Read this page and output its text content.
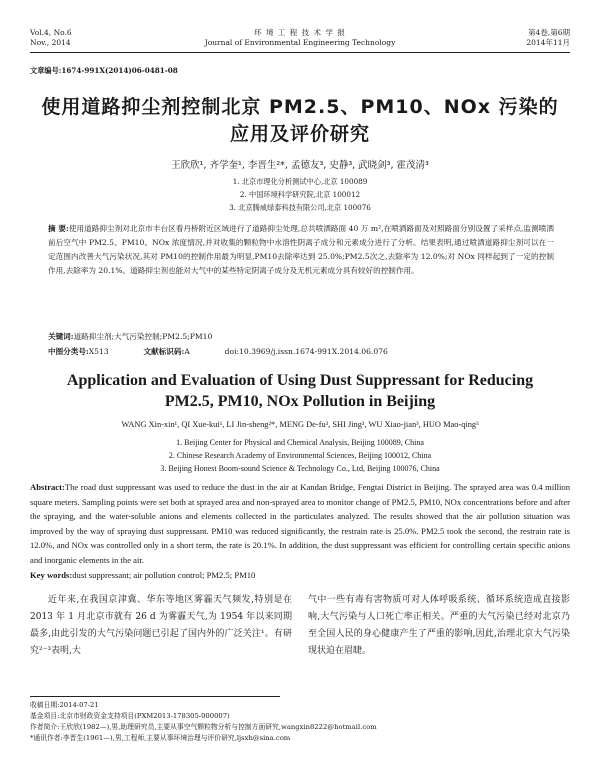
Vol.4, No.6
Nov., 2014
环 境 工 程 技 术 学 报
Journal of Environmental Engineering Technology
第4卷,第6期
2014年11月
文章编号:1674-991X(2014)06-0481-08
使用道路抑尘剂控制北京 PM2.5、PM10、NOx 污染的
应用及评价研究
王欣欣¹, 齐学奎¹, 李晋生²*, 孟德友³, 史静³, 武晓剑³, 霍茂清³
1. 北京市理化分析测试中心,北京 100089
2. 中国环境科学研究院,北京 100012
3. 北京腾威绿泰科技有限公司,北京 100076
摘 要:使用道路抑尘剂对北京市丰台区看丹桥附近区域进行了道路抑尘处理,总共喷洒路面 40 万 m²,在喷洒路面及对照路面分别设置了采样点,监测喷洒前后空气中 PM2.5、PM10、NOx 浓度情况,并对收集的颗粒物中水溶性阴离子成分和元素成分进行了分析。结果表明,通过喷洒道路抑尘剂可以在一定范围内改善大气污染状况,其对 PM10的控制作用最为明显,PM10去除率达到 25.0%;PM2.5次之,去除率为 12.0%;对 NOx 同样起到了一定的控制作用,去除率为 20.1%。道路抑尘剂也能对大气中的某些特定阴离子成分及无机元素成分具有较好的控制作用。
关键词:道路抑尘剂;大气污染控制;PM2.5;PM10
中图分类号:X513	文献标识码:A	doi:10.3969/j.issn.1674-991X.2014.06.076
Application and Evaluation of Using Dust Suppressant for Reducing
PM2.5, PM10, NOx Pollution in Beijing
WANG Xin-xin¹, QI Xue-kui¹, LI Jin-sheng²*, MENG De-fu³, SHI Jing³, WU Xiao-jian³, HUO Mao-qing³
1. Beijing Center for Physical and Chemical Analysis, Beijing 100089, China
2. Chinese Research Academy of Environmental Sciences, Beijing 100012, China
3. Beijing Honest Boom-sound Science & Technology Co., Ltd, Beijing 100076, China
Abstract:The road dust suppressant was used to reduce the dust in the air at Kandan Bridge, Fengtai District in Beijing. The sprayed area was 0.4 million square meters. Sampling points were set both at sprayed area and non-sprayed area to monitor change of PM2.5, PM10, NOx concentrations before and after the spraying, and the water-soluble anions and elements collected in the particulates analyzed. The results showed that the air pollution situation was improved by the way of spraying dust suppressant. PM10 was reduced significantly, the restrain rate is 25.0%. PM2.5 took the second, the restrain rate is 12.0%, and NOx was controlled only in a short term, the rate is 20.1%. In addition, the dust suppressant was efficient for controlling certain specific anions and inorganic elements in the air.
Key words:dust suppressant; air pollution control; PM2.5; PM10
近年来,在我国京津冀、华东等地区雾霾天气频发,特别是在 2013 年 1 月北京市就有 26 d 为雾霾天气,为 1954 年以来同期最多,由此引发的大气污染问题已引起了国内外的广泛关注¹。有研究²⁻³表明,大
气中一些有毒有害物质可对人体呼吸系统、循环系统造成直接影响,大气污染与人口死亡率正相关。严重的大气污染已经对北京乃至全国人民的身心健康产生了严重的影响,因此,治理北京大气污染现状迫在眉睫。
收稿日期:2014-07-21
基金项目:北京市财政资金支持项目(PXM2013-178305-000007)
作者简介:王欣欣(1982—),男,助理研究员,主要从事空气颗粒物分析与控制方面研究,wangxin8222@hotmail.com
*通讯作者:李晋生(1961—),男,工程师,主要从事环境治理与评价研究,ljsxh@sina.com
